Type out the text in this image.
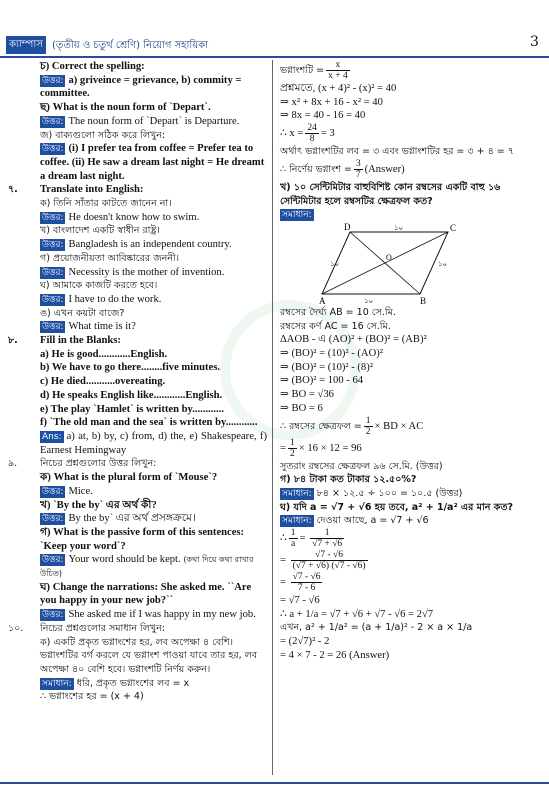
ক্যাম্পাস (তৃতীয় ও চতুর্থ শ্রেণি) নিয়োগ সহায়িকা	3
চ) Correct the spelling:
উত্তর: a) griveince = grievance, b) commity = committee.
ছ) What is the noun form of `Depart`.
উত্তর: The noun form of `Depart` is Departure.
জ) বাক্যগুলো সঠিক করে লিখুন:
উত্তর: (i) I prefer tea from coffee = Prefer tea to coffee. (ii) He saw a dream last night = He dreamt a dream last night.
৭. Translate into English:
ক) তিনি সাঁতার কাটতে জানেন না।
উত্তর: He doesn't know how to swim.
খ) বাংলাদেশ একটি স্বাধীন রাষ্ট্র।
উত্তর: Bangladesh is an independent country.
গ) প্রয়োজনীয়তা আবিষ্কারের জননী।
উত্তর: Necessity is the mother of invention.
ঘ) আমাকে কাজটি করতে হবে।
উত্তর: I have to do the work.
ঙ) এখন কয়টা বাজে?
উত্তর: What time is it?
৮. Fill in the Blanks:
a) He is good............English.
b) We have to go there........five minutes.
c) He died...........overeating.
d) He speaks English like............English.
e) The play `Hamlet` is written by............
f) `The old man and the sea` is written by............
Ans: a) at, b) by, c) from, d) the, e) Shakespeare, f) Earnest Hemingway
৯. নিচের প্রশ্নগুলোর উত্তর লিখুন:
ক) What is the plural form of `Mouse`?
উত্তর: Mice.
খ) `By the by` এর অর্থ কী?
উত্তর: By the by` এর অর্থ প্রসঙ্গক্রমে।
গ) What is the passive form of this sentences: `Keep your word`?
উত্তর: Your word should be kept. (কথা দিয়ে কথা রাখার উচিত)
ঘ) Change the narrations: She asked me. ``Are you happy in your new job?``
উত্তর: She asked me if I was happy in my new job.
১০. নিচের প্রশ্নগুলোর সমাধান লিখুন:
ক) একটি প্রকৃত ভগ্নাংশের হর, লব অপেক্ষা ৪ বেশি। ভগ্নাংশটির বর্গ করলে যে ভগ্নাংশ পাওয়া যাবে তার হর, লব অপেক্ষা ৪০ বেশি হবে। ভগ্নাংশটি নির্ণয় করুন।
সমাধান: ধরি, প্রকৃত ভগ্নাংশের লব = x
∴ ভগ্নাংশের হর = (x + 4)
ভগ্নাংশটি = $\frac{x}{x + 4}$
প্রশ্নমতে, (x + 4)² - (x)² = 40
⇒ x² + 8x + 16 - x² = 40
⇒ 8x = 40 - 16 = 40
∴ $x = \frac{24}{8} = 3$
অর্থাৎ ভগ্নাংশটির লব = ৩ এবং ভগ্নাংশটির হর = ৩ + ৪ = ৭
∴ নির্ণেয় ভগ্নাংশ = $\frac{3}{7}$ (Answer)
খ) ১০ সেন্টিমিটার বাহুবিশিষ্ট কোন রম্বসের একটি বাহু ১৬ সেন্টিমিটার হলে রম্বসটির ক্ষেত্রফল কত?
সমাধান:
D	C
A	B
O
১০
১০	১০
১০
রম্বসের দৈর্ঘ্য AB = 10 সে.মি.
রম্বসের কর্ণ AC = 16 সে.মি.
ΔAOB - এ (AO)² + (BO)² = (AB)²
⇒ (BO)² = (10)² - (AO)²
⇒ (BO)² = (10)² - (8)²
⇒ (BO)² = 100 - 64
⇒ BO = √36
⇒ BO = 6
∴ রম্বসের ক্ষেত্রফল = $\frac{1}{2}$ × BD × AC
= $\frac{1}{2} \times 16 \times 12 = 96$
সুতরাং রম্বসের ক্ষেত্রফল ৯৬ সে.মি. (উত্তর)
গ) ৮৪ টাকা কত টাকার ১২.৫০%?
সমাধান: ৮৪ × ১২.৫ ÷ ১০০ = ১০.৫ (উত্তর)
ঘ) যদি a = √7 + √6 হয় তবে, a² + 1/a² এর মান কত?
সমাধান: দেওয়া আছে, a = √7 + √6
∴ $\frac{1}{a} = \frac{1}{√7 + √6}$
= $\frac{√7 - √6}{(√7 + √6) (√7 - √6)}$
= $\frac{√7 - √6}{7 - 6}$
= √7 - √6
∴ a + 1/a = √7 + √6 + √7 - √6 = 2√7
এখন, a² + 1/a² = (a + 1/a)² - 2 × a × 1/a
= (2√7)² - 2
= 4 × 7 - 2 = 26 (Answer)
